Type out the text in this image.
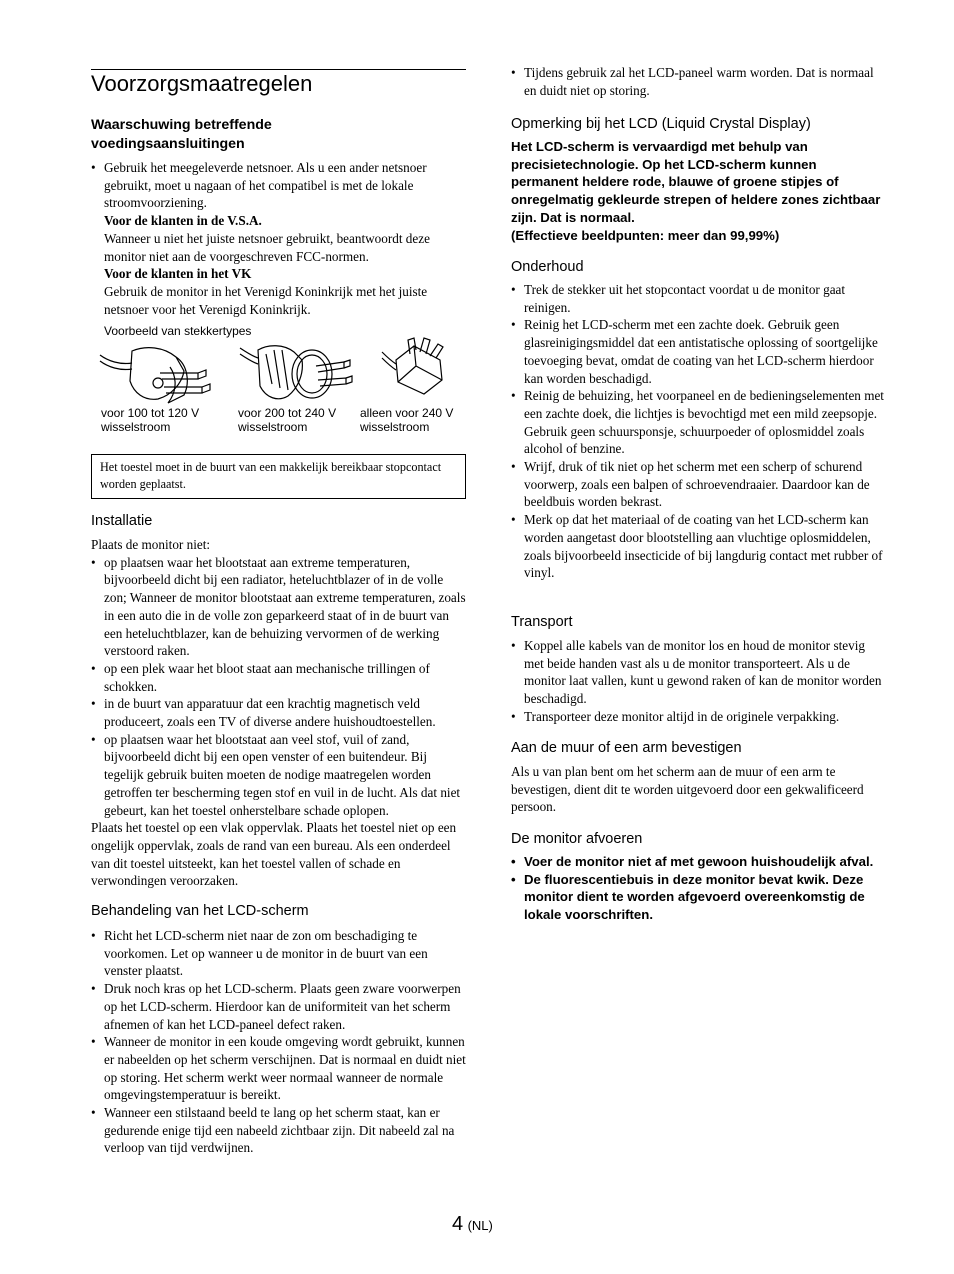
Voorzorgsmaatregelen
Waarschuwing betreffende
voedingsaansluitingen
• Gebruik het meegeleverde netsnoer. Als u een ander netsnoer gebruikt, moet u nagaan of het compatibel is met de lokale stroomvoorziening.

Voor de klanten in de V.S.A.

Wanneer u niet het juiste netsnoer gebruikt, beantwoordt deze monitor niet aan de voorgeschreven FCC-normen.

Voor de klanten in het VK

Gebruik de monitor in het Verenigd Koninkrijk met het juiste netsnoer voor het Verenigd Koninkrijk.

Voorbeeld van stekkertypes
voor 100 tot 120 V
wisselstroom
voor 200 tot 240 V
wisselstroom
alleen voor 240 V
wisselstroom

Het toestel moet in de buurt van een makkelijk bereikbaar stopcontact worden geplaatst.

Installatie

Plaats de monitor niet:

• op plaatsen waar het blootstaat aan extreme temperaturen, bijvoorbeeld dicht bij een radiator, heteluchtblazer of in de volle zon; Wanneer de monitor blootstaat aan extreme temperaturen, zoals in een auto die in de volle zon geparkeerd staat of in de buurt van een heteluchtblazer, kan de behuizing vervormen of de werking verstoord raken.
• op een plek waar het bloot staat aan mechanische trillingen of schokken.
• in de buurt van apparatuur dat een krachtig magnetisch veld produceert, zoals een TV of diverse andere huishoudtoestellen.
• op plaatsen waar het blootstaat aan veel stof, vuil of zand, bijvoorbeeld dicht bij een open venster of een buitendeur. Bij tegelijk gebruik buiten moeten de nodige maatregelen worden getroffen ter bescherming tegen stof en vuil in de lucht. Als dat niet gebeurt, kan het toestel onherstelbare schade oplopen.

Plaats het toestel op een vlak oppervlak. Plaats het toestel niet op een ongelijk oppervlak, zoals de rand van een bureau. Als een onderdeel van dit toestel uitsteekt, kan het toestel vallen of schade en verwondingen veroorzaken.

Behandeling van het LCD-scherm
• Richt het LCD-scherm niet naar de zon om beschadiging te voorkomen. Let op wanneer u de monitor in de buurt van een venster plaatst.
• Druk noch kras op het LCD-scherm. Plaats geen zware voorwerpen op het LCD-scherm. Hierdoor kan de uniformiteit van het scherm afnemen of kan het LCD-paneel defect raken.
• Wanneer de monitor in een koude omgeving wordt gebruikt, kunnen er nabeelden op het scherm verschijnen. Dat is normaal en duidt niet op storing. Het scherm werkt weer normaal wanneer de normale omgevingstemperatuur is bereikt.
• Wanneer een stilstaand beeld te lang op het scherm staat, kan er gedurende enige tijd een nabeeld zichtbaar zijn. Dit nabeeld zal na verloop van tijd verdwijnen.
• Tijdens gebruik zal het LCD-paneel warm worden. Dat is normaal en duidt niet op storing.
Opmerking bij het LCD (Liquid Crystal Display)

Het LCD-scherm is vervaardigd met behulp van precisietechnologie. Op het LCD-scherm kunnen permanent heldere rode, blauwe of groene stipjes of onregelmatig gekleurde strepen of heldere zones zichtbaar zijn. Dat is normaal.

(Effectieve beeldpunten: meer dan 99,99%)

Onderhoud
• Trek de stekker uit het stopcontact voordat u de monitor gaat reinigen.
• Reinig het LCD-scherm met een zachte doek. Gebruik geen glasreinigingsmiddel dat een antistatische oplossing of soortgelijke toevoeging bevat, omdat de coating van het LCD-scherm hierdoor kan worden beschadigd.
• Reinig de behuizing, het voorpaneel en de bedieningselementen met een zachte doek, die lichtjes is bevochtigd met een mild zeepsopje. Gebruik geen schuursponsje, schuurpoeder of oplosmiddel zoals alcohol of benzine.
• Wrijf, druk of tik niet op het scherm met een scherp of schurend voorwerp, zoals een balpen of schroevendraaier. Daardoor kan de beeldbuis worden bekrast.
• Merk op dat het materiaal of de coating van het LCD-scherm kan worden aangetast door blootstelling aan vluchtige oplosmiddelen, zoals bijvoorbeeld insecticide of bij langdurig contact met rubber of vinyl.
Transport
• Koppel alle kabels van de monitor los en houd de monitor stevig met beide handen vast als u de monitor transporteert. Als u de monitor laat vallen, kunt u gewond raken of kan de monitor worden beschadigd.
• Transporteer deze monitor altijd in de originele verpakking.
Aan de muur of een arm bevestigen

Als u van plan bent om het scherm aan de muur of een arm te bevestigen, dient dit te worden uitgevoerd door een gekwalificeerd persoon.

De monitor afvoeren
• Voer de monitor niet af met gewoon huishoudelijk afval.
• De fluorescentiebuis in deze monitor bevat kwik. Deze monitor dient te worden afgevoerd overeenkomstig de lokale voorschriften.
4 (NL)
